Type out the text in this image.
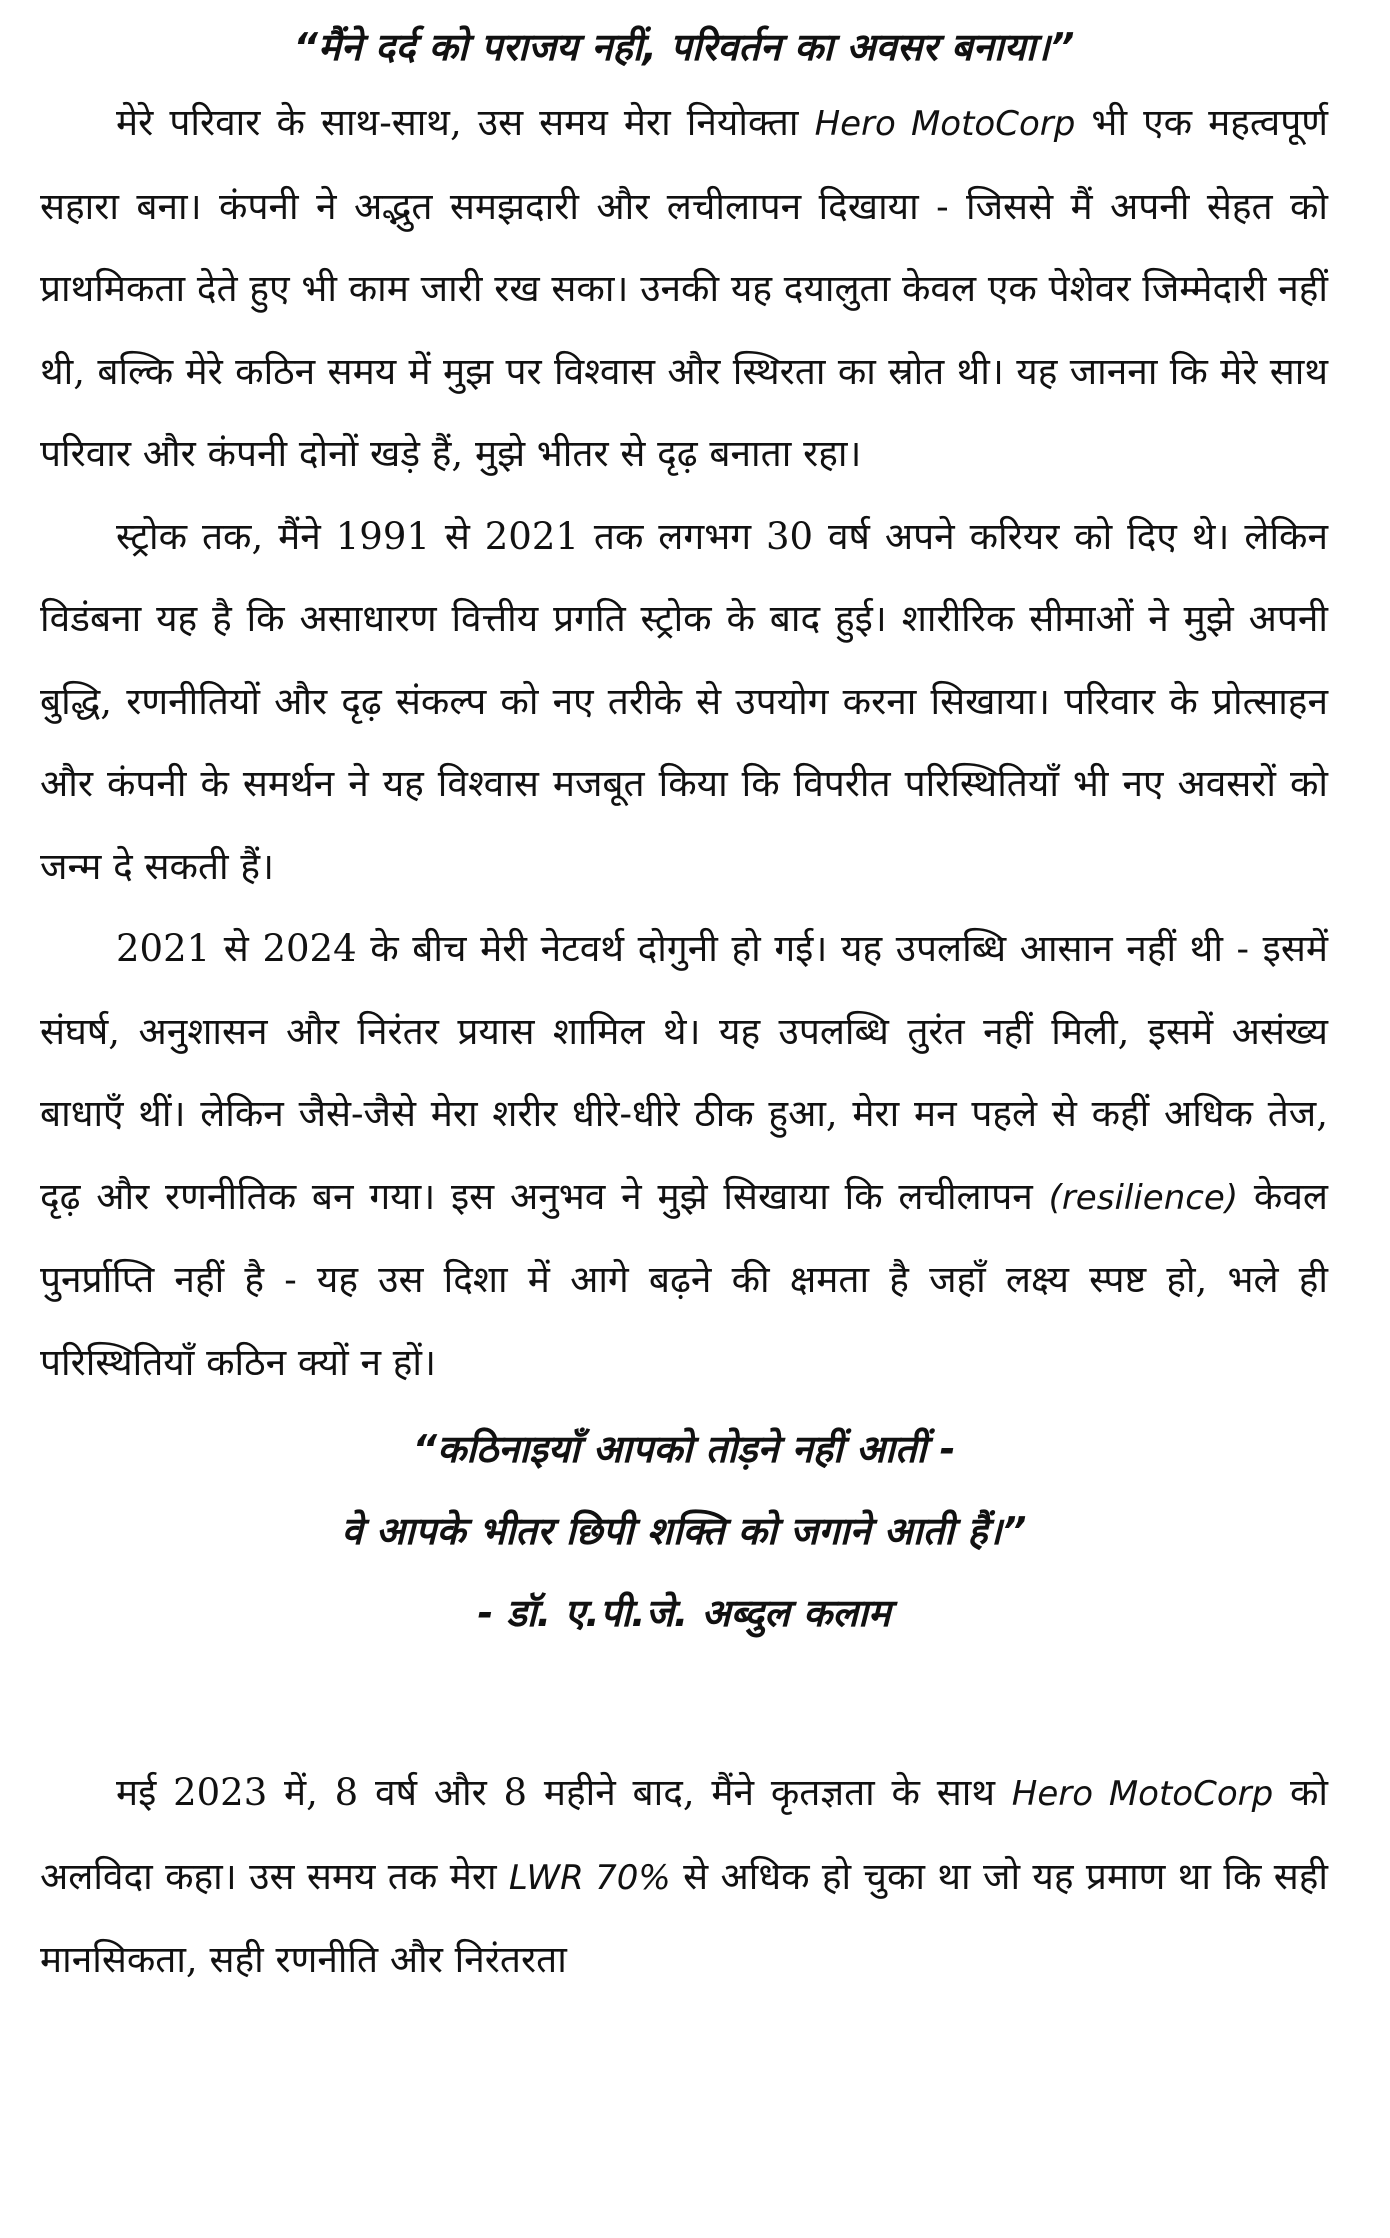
“मैंने दर्द को पराजय नहीं, परिवर्तन का अवसर बनाया।”

मेरे परिवार के साथ-साथ, उस समय मेरा नियोक्ता Hero MotoCorp भी एक महत्वपूर्ण सहारा बना। कंपनी ने अद्भुत समझदारी और लचीलापन दिखाया - जिससे मैं अपनी सेहत को प्राथमिकता देते हुए भी काम जारी रख सका। उनकी यह दयालुता केवल एक पेशेवर जिम्मेदारी नहीं थी, बल्कि मेरे कठिन समय में मुझ पर विश्वास और स्थिरता का स्रोत थी। यह जानना कि मेरे साथ परिवार और कंपनी दोनों खड़े हैं, मुझे भीतर से दृढ़ बनाता रहा।

स्ट्रोक तक, मैंने 1991 से 2021 तक लगभग 30 वर्ष अपने करियर को दिए थे। लेकिन विडंबना यह है कि असाधारण वित्तीय प्रगति स्ट्रोक के बाद हुई। शारीरिक सीमाओं ने मुझे अपनी बुद्धि, रणनीतियों और दृढ़ संकल्प को नए तरीके से उपयोग करना सिखाया। परिवार के प्रोत्साहन और कंपनी के समर्थन ने यह विश्वास मजबूत किया कि विपरीत परिस्थितियाँ भी नए अवसरों को जन्म दे सकती हैं।

2021 से 2024 के बीच मेरी नेटवर्थ दोगुनी हो गई। यह उपलब्धि आसान नहीं थी - इसमें संघर्ष, अनुशासन और निरंतर प्रयास शामिल थे। यह उपलब्धि तुरंत नहीं मिली, इसमें असंख्य बाधाएँ थीं। लेकिन जैसे-जैसे मेरा शरीर धीरे-धीरे ठीक हुआ, मेरा मन पहले से कहीं अधिक तेज, दृढ़ और रणनीतिक बन गया। इस अनुभव ने मुझे सिखाया कि लचीलापन (resilience) केवल पुनर्प्राप्ति नहीं है - यह उस दिशा में आगे बढ़ने की क्षमता है जहाँ लक्ष्य स्पष्ट हो, भले ही परिस्थितियाँ कठिन क्यों न हों।

“कठिनाइयाँ आपको तोड़ने नहीं आतीं -
वे आपके भीतर छिपी शक्ति को जगाने आती हैं।”
- डॉ. ए.पी.जे. अब्दुल कलाम

मई 2023 में, 8 वर्ष और 8 महीने बाद, मैंने कृतज्ञता के साथ Hero MotoCorp को अलविदा कहा। उस समय तक मेरा LWR 70% से अधिक हो चुका था जो यह प्रमाण था कि सही मानसिकता, सही रणनीति और निरंतरता
